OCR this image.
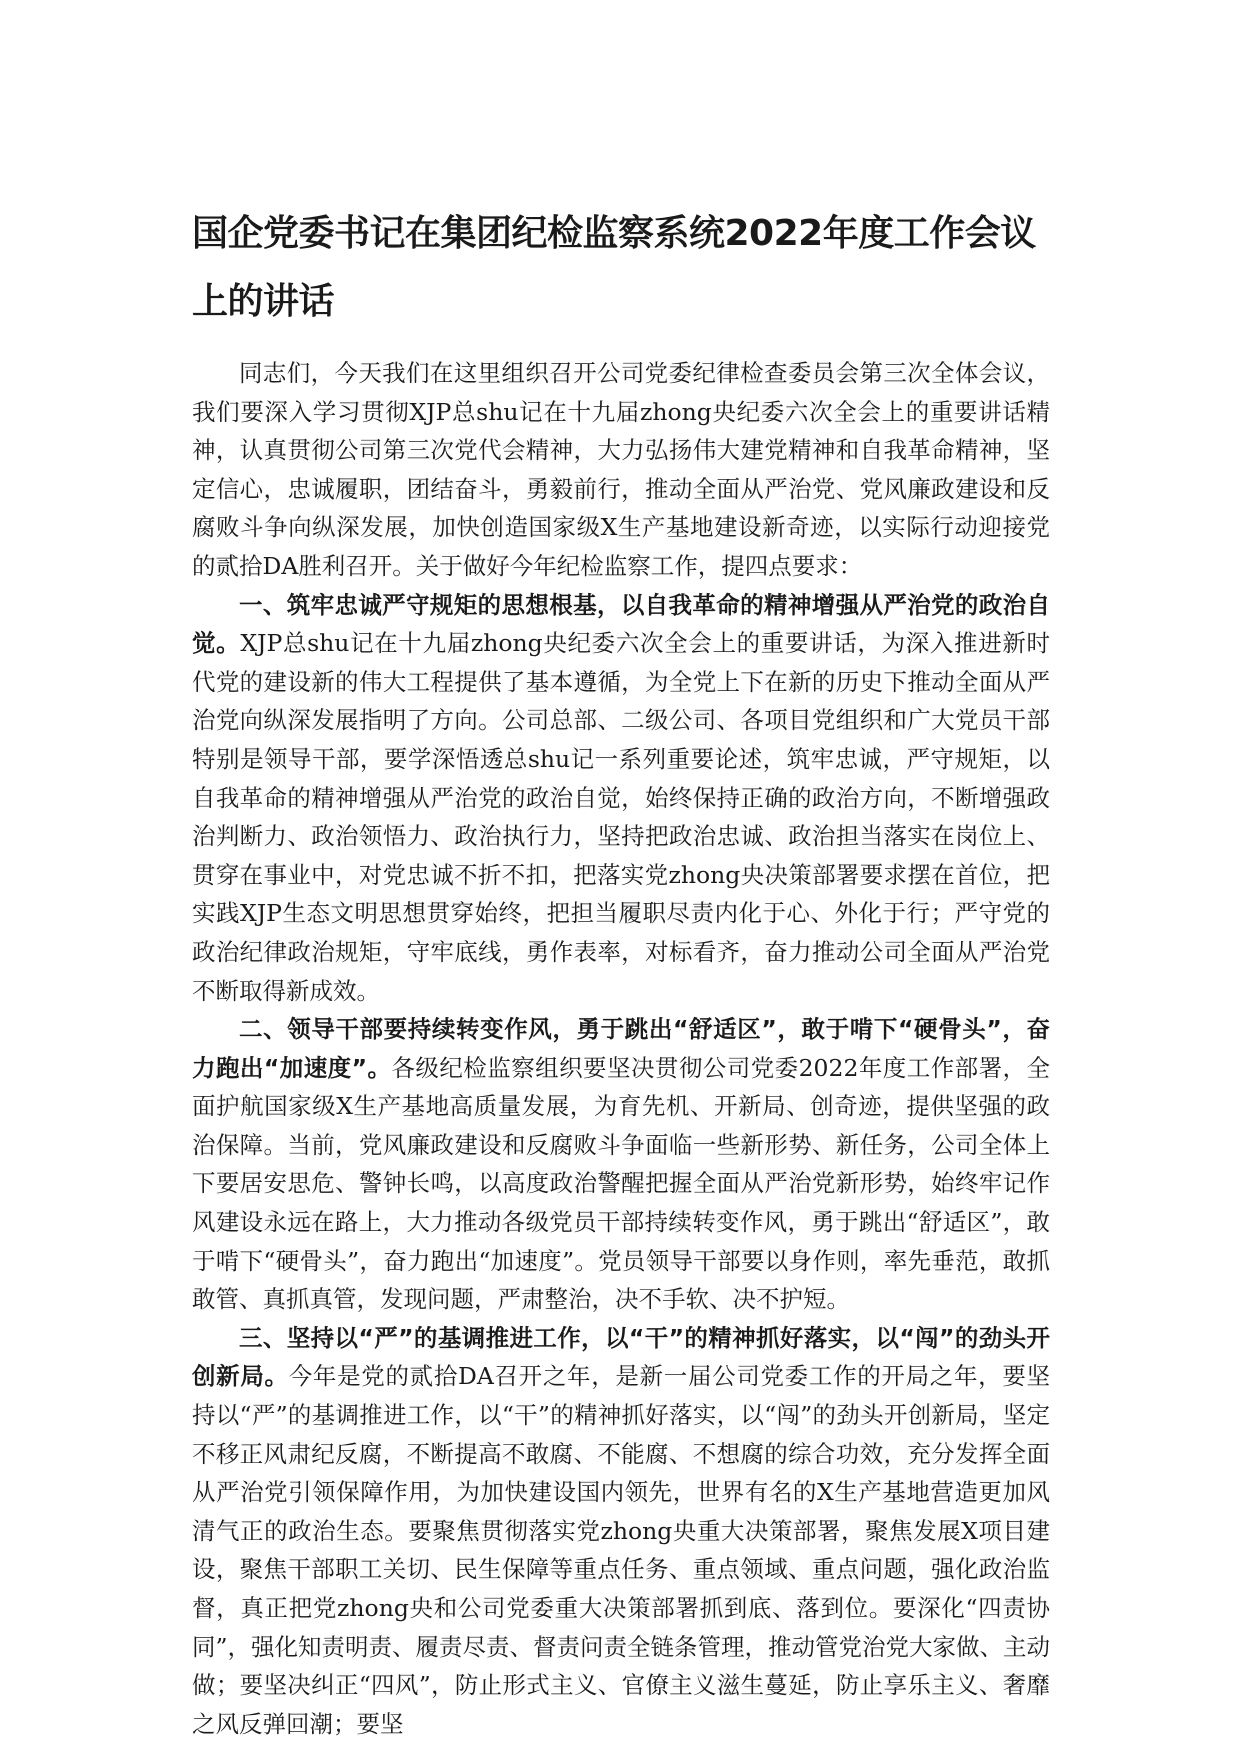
国企党委书记在集团纪检监察系统2022年度工作会议上的讲话

同志们，今天我们在这里组织召开公司党委纪律检查委员会第三次全体会议，我们要深入学习贯彻XJP总shu记在十九届zhong央纪委六次全会上的重要讲话精神，认真贯彻公司第三次党代会精神，大力弘扬伟大建党精神和自我革命精神，坚定信心，忠诚履职，团结奋斗，勇毅前行，推动全面从严治党、党风廉政建设和反腐败斗争向纵深发展，加快创造国家级X生产基地建设新奇迹，以实际行动迎接党的贰拾DA胜利召开。关于做好今年纪检监察工作，提四点要求：

一、筑牢忠诚严守规矩的思想根基，以自我革命的精神增强从严治党的政治自觉。XJP总shu记在十九届zhong央纪委六次全会上的重要讲话，为深入推进新时代党的建设新的伟大工程提供了基本遵循，为全党上下在新的历史下推动全面从严治党向纵深发展指明了方向。公司总部、二级公司、各项目党组织和广大党员干部特别是领导干部，要学深悟透总shu记一系列重要论述，筑牢忠诚，严守规矩，以自我革命的精神增强从严治党的政治自觉，始终保持正确的政治方向，不断增强政治判断力、政治领悟力、政治执行力，坚持把政治忠诚、政治担当落实在岗位上、贯穿在事业中，对党忠诚不折不扣，把落实党zhong央决策部署要求摆在首位，把实践XJP生态文明思想贯穿始终，把担当履职尽责内化于心、外化于行；严守党的政治纪律政治规矩，守牢底线，勇作表率，对标看齐，奋力推动公司全面从严治党不断取得新成效。

二、领导干部要持续转变作风，勇于跳出“舒适区”，敢于啃下“硬骨头”，奋力跑出“加速度”。各级纪检监察组织要坚决贯彻公司党委2022年度工作部署，全面护航国家级X生产基地高质量发展，为育先机、开新局、创奇迹，提供坚强的政治保障。当前，党风廉政建设和反腐败斗争面临一些新形势、新任务，公司全体上下要居安思危、警钟长鸣，以高度政治警醒把握全面从严治党新形势，始终牢记作风建设永远在路上，大力推动各级党员干部持续转变作风，勇于跳出“舒适区”，敢于啃下“硬骨头”，奋力跑出“加速度”。党员领导干部要以身作则，率先垂范，敢抓敢管、真抓真管，发现问题，严肃整治，决不手软、决不护短。

三、坚持以“严”的基调推进工作，以“干”的精神抓好落实，以“闯”的劲头开创新局。今年是党的贰拾DA召开之年，是新一届公司党委工作的开局之年，要坚持以“严”的基调推进工作，以“干”的精神抓好落实，以“闯”的劲头开创新局，坚定不移正风肃纪反腐，不断提高不敢腐、不能腐、不想腐的综合功效，充分发挥全面从严治党引领保障作用，为加快建设国内领先，世界有名的X生产基地营造更加风清气正的政治生态。要聚焦贯彻落实党zhong央重大决策部署，聚焦发展X项目建设，聚焦干部职工关切、民生保障等重点任务、重点领域、重点问题，强化政治监督，真正把党zhong央和公司党委重大决策部署抓到底、落到位。要深化“四责协同”，强化知责明责、履责尽责、督责问责全链条管理，推动管党治党大家做、主动做；要坚决纠正“四风”，防止形式主义、官僚主义滋生蔓延，防止享乐主义、奢靡之风反弹回潮；要坚
